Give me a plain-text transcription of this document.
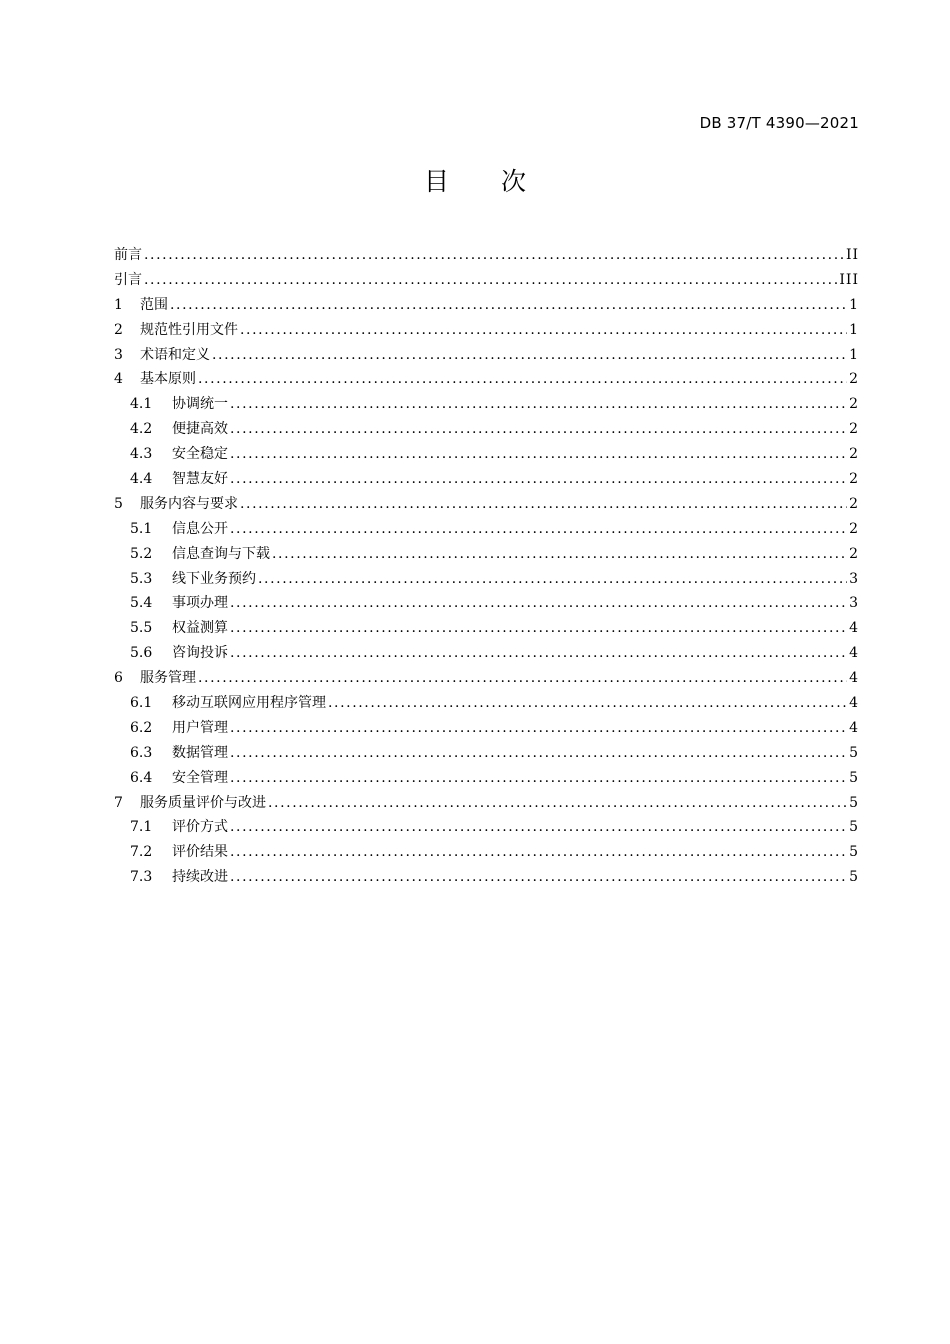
DB 37/T 4390—2021
目 次
前言 .....	II
引言 .....	III
1	范围 .....	1
2	规范性引用文件 .....	1
3	术语和定义 .....	1
4	基本原则 .....	2
4.1	协调统一 .....	2
4.2	便捷高效 .....	2
4.3	安全稳定 .....	2
4.4	智慧友好 .....	2
5	服务内容与要求 .....	2
5.1	信息公开 .....	2
5.2	信息查询与下载 .....	2
5.3	线下业务预约 .....	3
5.4	事项办理 .....	3
5.5	权益测算 .....	4
5.6	咨询投诉 .....	4
6	服务管理 .....	4
6.1	移动互联网应用程序管理 .....	4
6.2	用户管理 .....	4
6.3	数据管理 .....	5
6.4	安全管理 .....	5
7	服务质量评价与改进 .....	5
7.1	评价方式 .....	5
7.2	评价结果 .....	5
7.3	持续改进 .....	5
